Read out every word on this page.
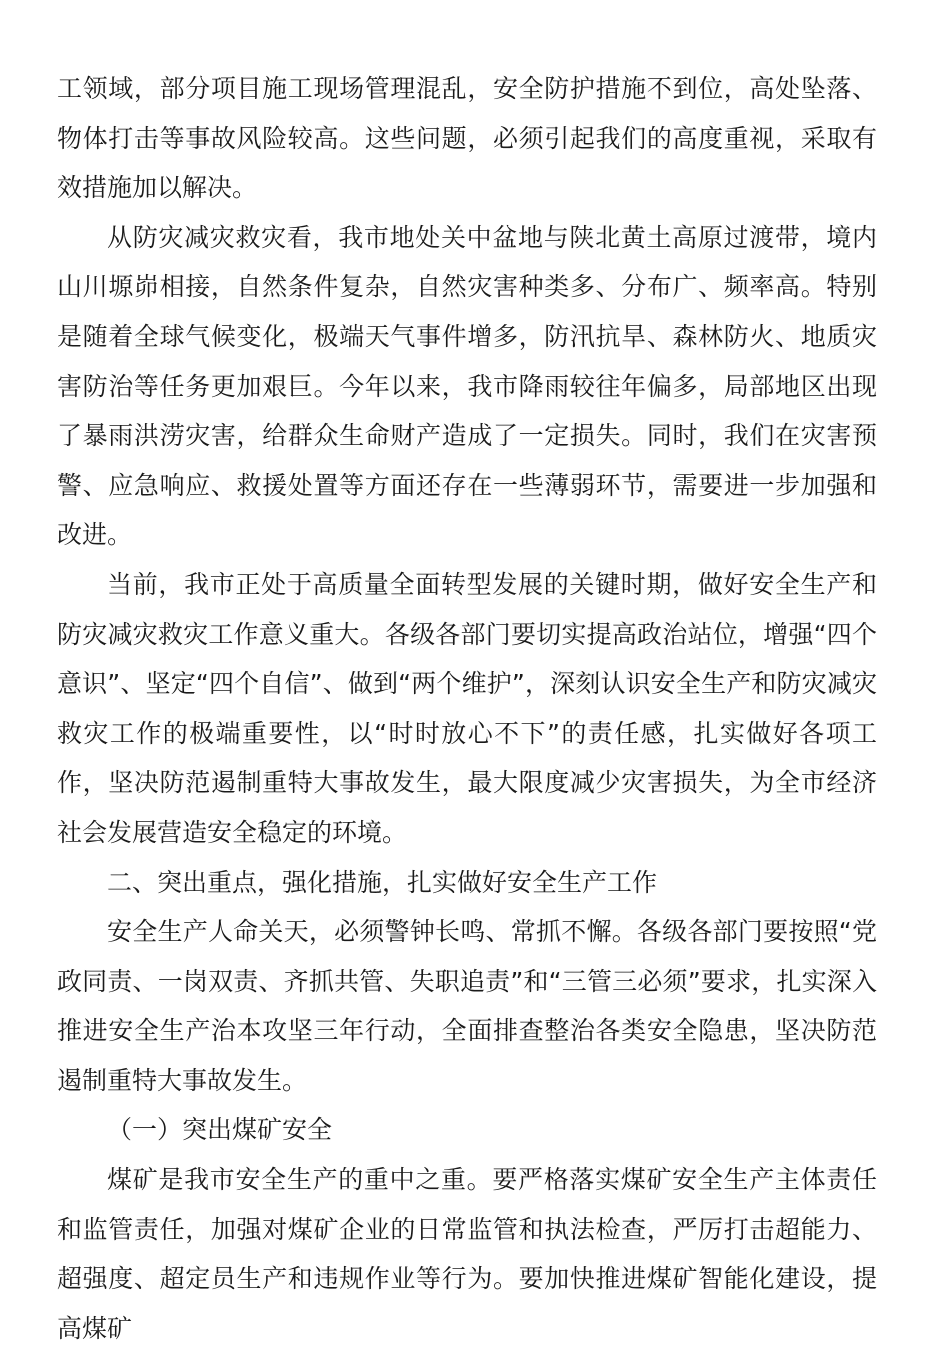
工领域，部分项目施工现场管理混乱，安全防护措施不到位，高处坠落、物体打击等事故风险较高。这些问题，必须引起我们的高度重视，采取有效措施加以解决。

从防灾减灾救灾看，我市地处关中盆地与陕北黄土高原过渡带，境内山川塬峁相接，自然条件复杂，自然灾害种类多、分布广、频率高。特别是随着全球气候变化，极端天气事件增多，防汛抗旱、森林防火、地质灾害防治等任务更加艰巨。今年以来，我市降雨较往年偏多，局部地区出现了暴雨洪涝灾害，给群众生命财产造成了一定损失。同时，我们在灾害预警、应急响应、救援处置等方面还存在一些薄弱环节，需要进一步加强和改进。

当前，我市正处于高质量全面转型发展的关键时期，做好安全生产和防灾减灾救灾工作意义重大。各级各部门要切实提高政治站位，增强“四个意识”、坚定“四个自信”、做到“两个维护”，深刻认识安全生产和防灾减灾救灾工作的极端重要性，以“时时放心不下”的责任感，扎实做好各项工作，坚决防范遏制重特大事故发生，最大限度减少灾害损失，为全市经济社会发展营造安全稳定的环境。

二、突出重点，强化措施，扎实做好安全生产工作

安全生产人命关天，必须警钟长鸣、常抓不懈。各级各部门要按照“党政同责、一岗双责、齐抓共管、失职追责”和“三管三必须”要求，扎实深入推进安全生产治本攻坚三年行动，全面排查整治各类安全隐患，坚决防范遏制重特大事故发生。

（一）突出煤矿安全

煤矿是我市安全生产的重中之重。要严格落实煤矿安全生产主体责任和监管责任，加强对煤矿企业的日常监管和执法检查，严厉打击超能力、超强度、超定员生产和违规作业等行为。要加快推进煤矿智能化建设，提高煤矿
